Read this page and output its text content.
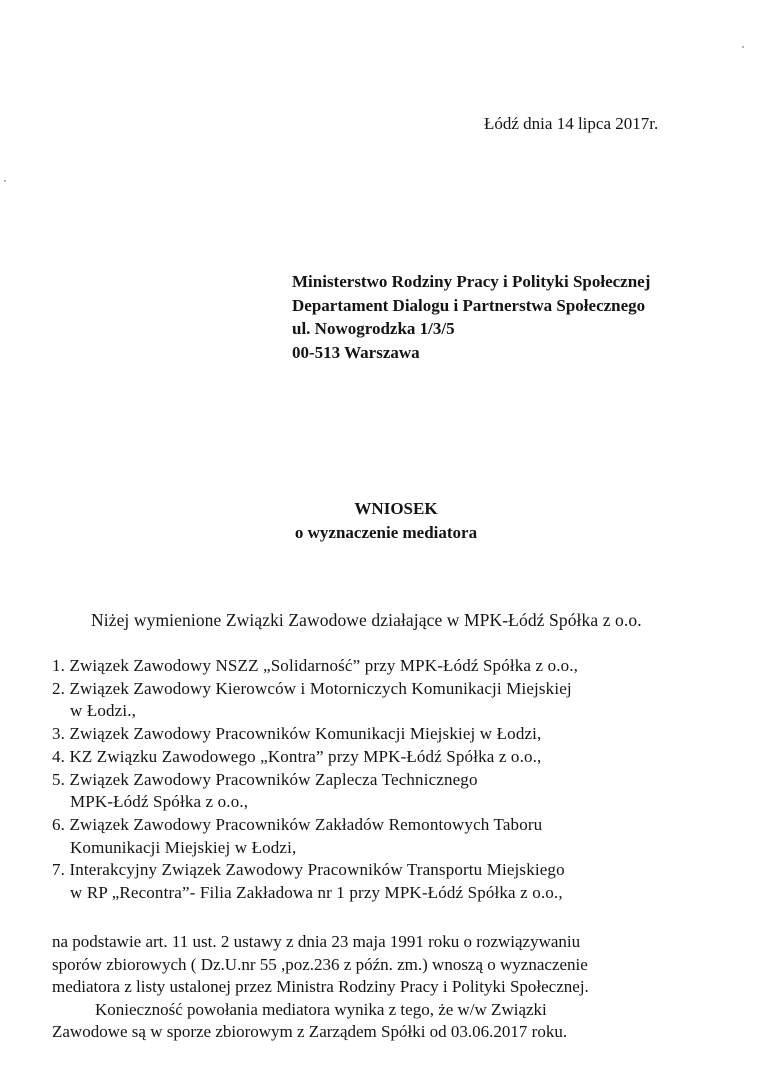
Łódź dnia 14 lipca 2017r.
Ministerstwo Rodziny Pracy i Polityki Społecznej
Departament Dialogu i Partnerstwa Społecznego
ul. Nowogrodzka 1/3/5
00-513 Warszawa
WNIOSEK
o wyznaczenie mediatora
Niżej wymienione Związki Zawodowe działające w MPK-Łódź Spółka z o.o.
1. Związek Zawodowy NSZZ „Solidarność” przy MPK-Łódź Spółka z o.o.,
2. Związek Zawodowy Kierowców i Motorniczych Komunikacji Miejskiej
w Łodzi.,
3. Związek Zawodowy Pracowników Komunikacji Miejskiej w Łodzi,
4. KZ Związku Zawodowego „Kontra” przy MPK-Łódź Spółka z o.o.,
5. Związek Zawodowy Pracowników Zaplecza Technicznego
MPK-Łódź Spółka z o.o.,
6. Związek Zawodowy Pracowników Zakładów Remontowych Taboru
Komunikacji Miejskiej w Łodzi,
7. Interakcyjny Związek Zawodowy Pracowników Transportu Miejskiego
w RP „Recontra”- Filia Zakładowa nr 1 przy MPK-Łódź Spółka z o.o.,
na podstawie art. 11 ust. 2 ustawy z dnia 23 maja 1991 roku o rozwiązywaniu
sporów zbiorowych ( Dz.U.nr 55 ,poz.236 z późn. zm.) wnoszą o wyznaczenie
mediatora z listy ustalonej przez Ministra Rodziny Pracy i Polityki Społecznej.
Konieczność powołania mediatora wynika z tego, że w/w Związki
Zawodowe są w sporze zbiorowym z Zarządem Spółki od 03.06.2017 roku.
